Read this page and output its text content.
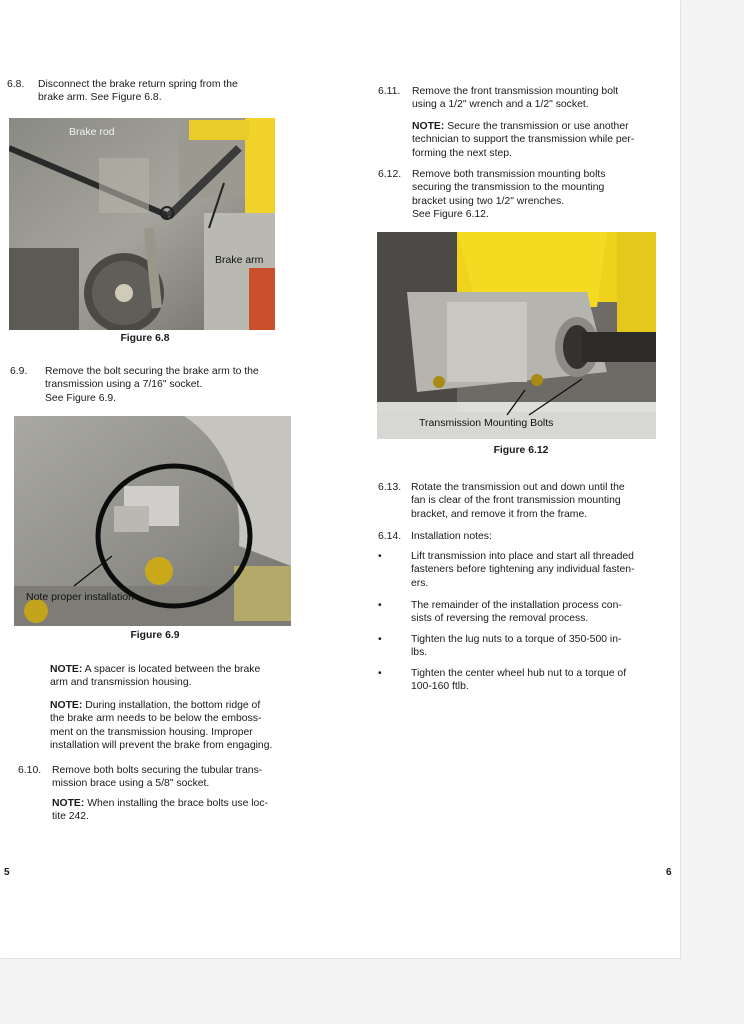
6.8. Disconnect the brake return spring from the
brake arm. See Figure 6.8.
Brake rod
Brake arm
Figure 6.8
6.9. Remove the bolt securing the brake arm to the
transmission using a 7/16" socket.
See Figure 6.9.
Note proper installation
Figure 6.9
NOTE: A spacer is located between the brake
arm and transmission housing.
NOTE: During installation, the bottom ridge of
the brake arm needs to be below the emboss-
ment on the transmission housing. Improper
installation will prevent the brake from engaging.
6.10. Remove both bolts securing the tubular trans-
mission brace using a 5/8" socket.
NOTE: When installing the brace bolts use loc-
tite 242.
5
6.11. Remove the front transmission mounting bolt
using a 1/2" wrench and a 1/2" socket.
NOTE: Secure the transmission or use another
technician to support the transmission while per-
forming the next step.
6.12. Remove both transmission mounting bolts
securing the transmission to the mounting
bracket using two 1/2" wrenches.
See Figure 6.12.
Transmission Mounting Bolts
Figure 6.12
6.13. Rotate the transmission out and down until the
fan is clear of the front transmission mounting
bracket, and remove it from the frame.
6.14. Installation notes:
•	Lift transmission into place and start all threaded
fasteners before tightening any individual fasten-
ers.
•	The remainder of the installation process con-
sists of reversing the removal process.
•	Tighten the lug nuts to a torque of 350-500 in-
lbs.
•	Tighten the center wheel hub nut to a torque of
100-160 ftlb.
6
